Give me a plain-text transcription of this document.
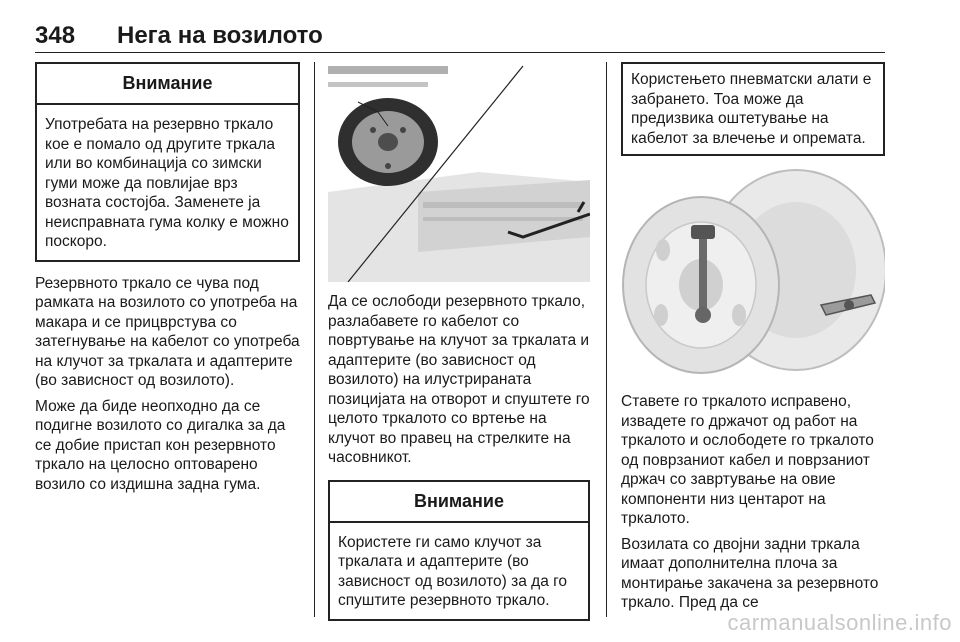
348 Нега на возилото
Внимание
Употребата на резервно тркало кое е помало од другите тркала или во комбинација со зимски гуми може да повлијае врз возната состојба. Заменете ја неисправната гума колку е можно поскоро.

Резервното тркало се чува под рамката на возилото со употреба на макара и се прицврстува со затегнување на кабелот со употреба на клучот за тркалата и адаптерите (во зависност од возилото).

Може да биде неопходно да се подигне возилото со дигалка за да се добие пристап кон резервното тркало на целосно оптоварено возило со издишна задна гума.

Да се ослободи резервното тркало, разлабавете го кабелот со повртување на клучот за тркалата и адаптерите (во зависност од возилото) на илустрираната позицијата на отворот и спуштете го целото тркалото со вртење на клучот во правец на стрелките на часовникот.

Внимание
Користете ги само клучот за тркалата и адаптерите (во зависност од возилото) за да го спуштите резервното тркало.
Користењето пневматски алати е забрането. Тоа може да предизвика оштетување на кабелот за влечење и опремата.

Ставете го тркалото исправено, извадете го држачот од работ на тркалото и ослободете го тркалото од поврзаниот кабел и поврзаниот држач со завртување на овие компоненти низ центарот на тркалото.

Возилата со двојни задни тркала имаат дополнителна плоча за монтирање закачена за резервното тркало. Пред да се

carmanualsonline.info
